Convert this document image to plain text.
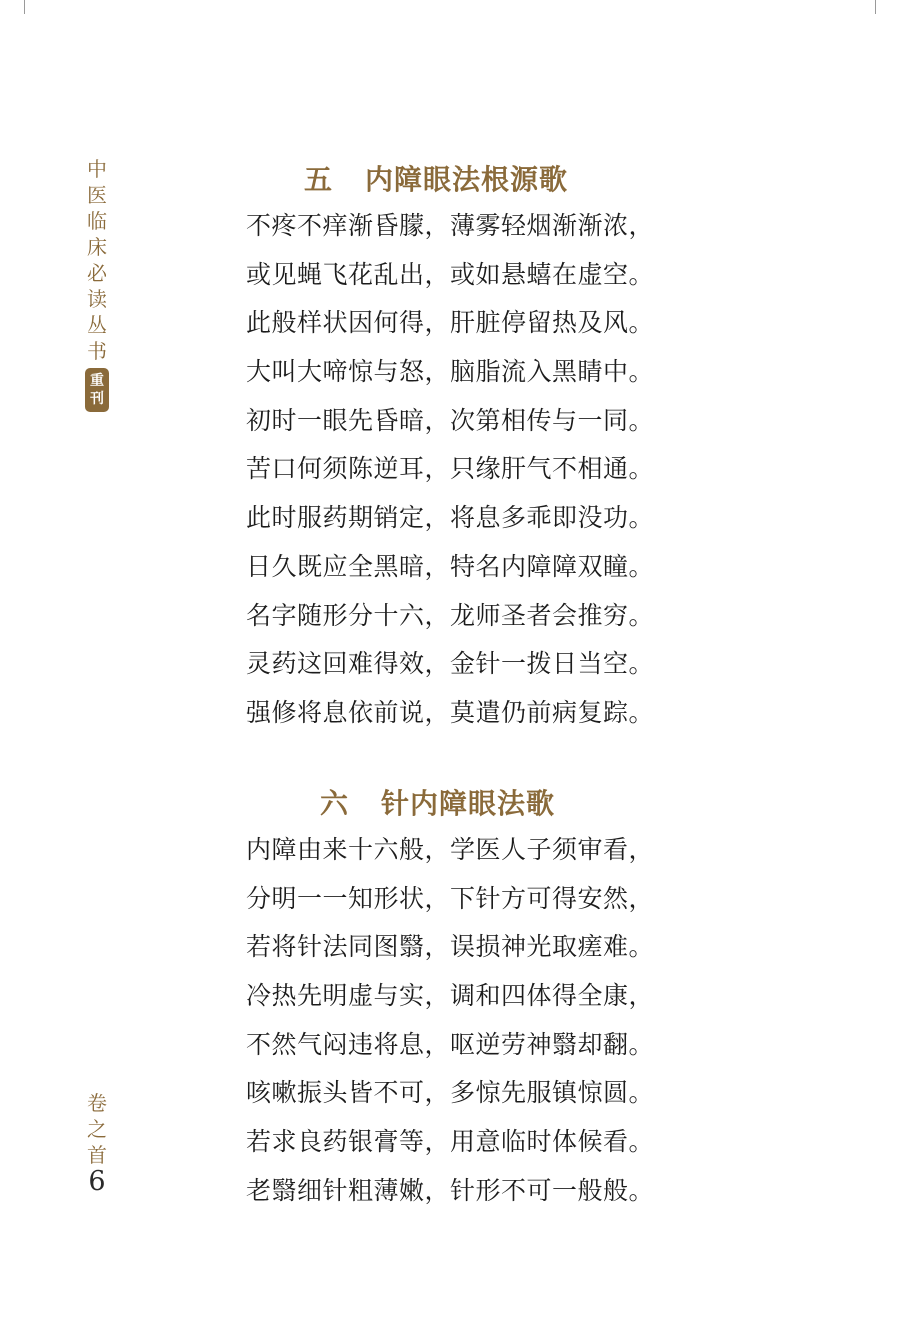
中
医
临
床
必
读
丛
书
重
刊
卷
之
首
6
五 内障眼法根源歌
不疼不痒渐昏朦，薄雾轻烟渐渐浓，
或见蝇飞花乱出，或如悬蟢在虚空。
此般样状因何得，肝脏停留热及风。
大叫大啼惊与怒，脑脂流入黑睛中。
初时一眼先昏暗，次第相传与一同。
苦口何须陈逆耳，只缘肝气不相通。
此时服药期销定，将息多乖即没功。
日久既应全黑暗，特名内障障双瞳。
名字随形分十六，龙师圣者会推穷。
灵药这回难得效，金针一拨日当空。
强修将息依前说，莫遣仍前病复踪。
六 针内障眼法歌
内障由来十六般，学医人子须审看，
分明一一知形状，下针方可得安然，
若将针法同图翳，误损神光取瘥难。
冷热先明虚与实，调和四体得全康，
不然气闷违将息，呕逆劳神翳却翻。
咳嗽振头皆不可，多惊先服镇惊圆。
若求良药银膏等，用意临时体候看。
老翳细针粗薄嫩，针形不可一般般。
